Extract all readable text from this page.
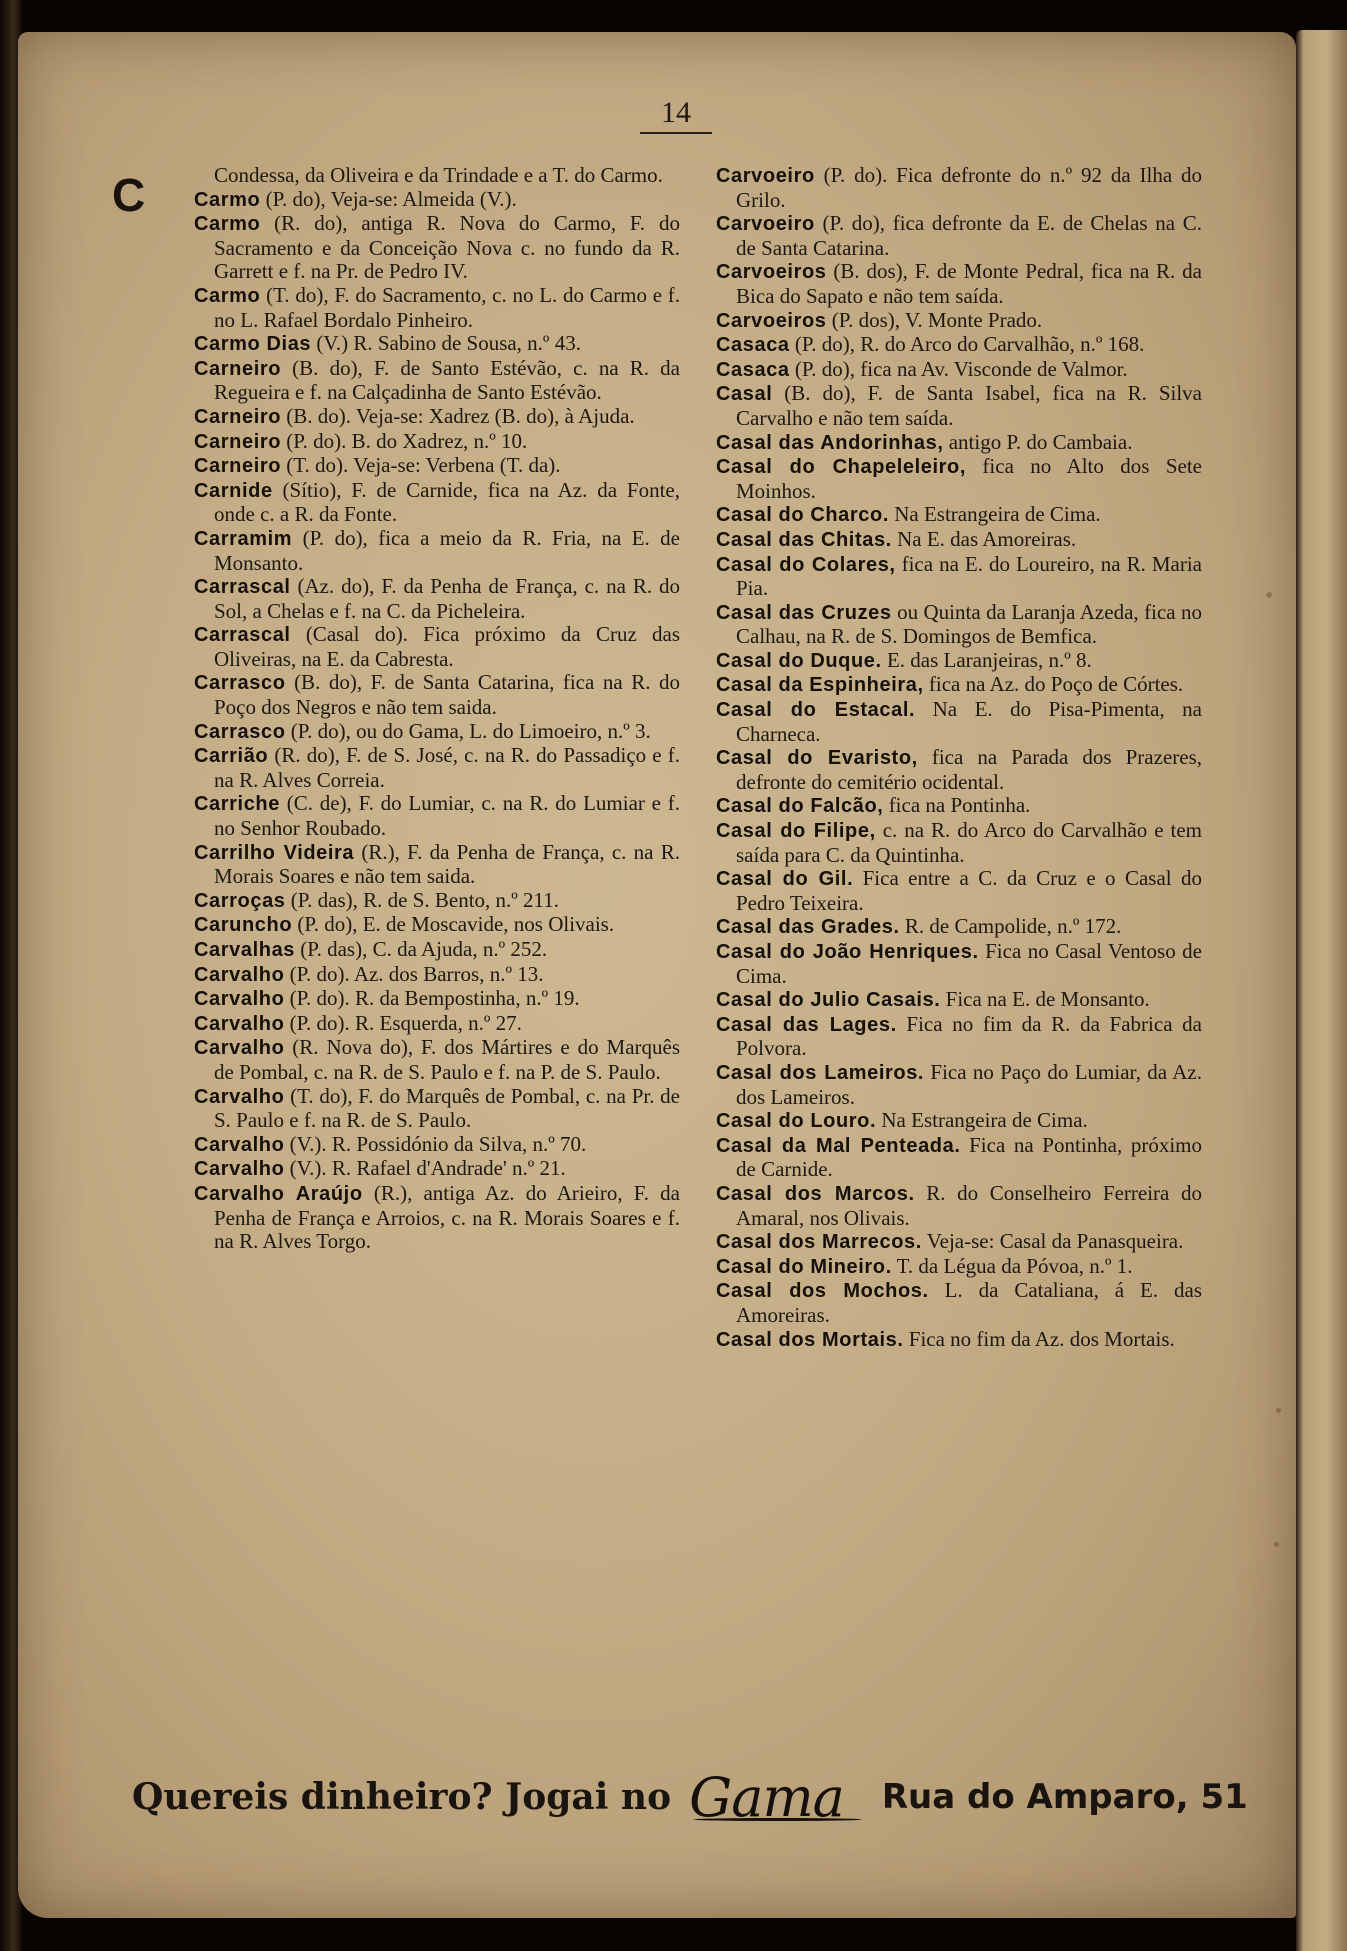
14
C	Condessa, da Oliveira e da Trindade e a T. do Carmo.
Carmo (P. do), Veja-se: Almeida (V.).
Carmo (R. do), antiga R. Nova do Carmo, F. do Sacramento e da Conceição Nova c. no fundo da R. Garrett e f. na Pr. de Pedro IV.
Carmo (T. do), F. do Sacramento, c. no L. do Carmo e f. no L. Rafael Bordalo Pinheiro.
Carmo Dias (V.) R. Sabino de Sousa, n.º 43.
Carneiro (B. do), F. de Santo Estévão, c. na R. da Regueira e f. na Calçadinha de Santo Estévão.
Carneiro (B. do). Veja-se: Xadrez (B. do), à Ajuda.
Carneiro (P. do). B. do Xadrez, n.º 10.
Carneiro (T. do). Veja-se: Verbena (T. da).
Carnide (Sítio), F. de Carnide, fica na Az. da Fonte, onde c. a R. da Fonte.
Carramim (P. do), fica a meio da R. Fria, na E. de Monsanto.
Carrascal (Az. do), F. da Penha de França, c. na R. do Sol, a Chelas e f. na C. da Picheleira.
Carrascal (Casal do). Fica próximo da Cruz das Oliveiras, na E. da Cabresta.
Carrasco (B. do), F. de Santa Catarina, fica na R. do Poço dos Negros e não tem saida.
Carrasco (P. do), ou do Gama, L. do Limoeiro, n.º 3.
Carrião (R. do), F. de S. José, c. na R. do Passadiço e f. na R. Alves Correia.
Carriche (C. de), F. do Lumiar, c. na R. do Lumiar e f. no Senhor Roubado.
Carrilho Videira (R.), F. da Penha de França, c. na R. Morais Soares e não tem saida.
Carroças (P. das), R. de S. Bento, n.º 211.
Caruncho (P. do), E. de Moscavide, nos Olivais.
Carvalhas (P. das), C. da Ajuda, n.º 252.
Carvalho (P. do). Az. dos Barros, n.º 13.
Carvalho (P. do). R. da Bempostinha, n.º 19.
Carvalho (P. do). R. Esquerda, n.º 27.
Carvalho (R. Nova do), F. dos Mártires e do Marquês de Pombal, c. na R. de S. Paulo e f. na P. de S. Paulo.
Carvalho (T. do), F. do Marquês de Pombal, c. na Pr. de S. Paulo e f. na R. de S. Paulo.
Carvalho (V.). R. Possidónio da Silva, n.º 70.
Carvalho (V.). R. Rafael d'Andrade' n.º 21.
Carvalho Araújo (R.), antiga Az. do Arieiro, F. da Penha de França e Arroios, c. na R. Morais Soares e f. na R. Alves Torgo.
Carvoeiro (P. do). Fica defronte do n.º 92 da Ilha do Grilo.
Carvoeiro (P. do), fica defronte da E. de Chelas na C. de Santa Catarina.
Carvoeiros (B. dos), F. de Monte Pedral, fica na R. da Bica do Sapato e não tem saída.
Carvoeiros (P. dos), V. Monte Prado.
Casaca (P. do), R. do Arco do Carvalhão, n.º 168.
Casaca (P. do), fica na Av. Visconde de Valmor.
Casal (B. do), F. de Santa Isabel, fica na R. Silva Carvalho e não tem saída.
Casal das Andorinhas, antigo P. do Cambaia.
Casal do Chapeleleiro, fica no Alto dos Sete Moinhos.
Casal do Charco. Na Estrangeira de Cima.
Casal das Chitas. Na E. das Amoreiras.
Casal do Colares, fica na E. do Loureiro, na R. Maria Pia.
Casal das Cruzes ou Quinta da Laranja Azeda, fica no Calhau, na R. de S. Domingos de Bemfica.
Casal do Duque. E. das Laranjeiras, n.º 8.
Casal da Espinheira, fica na Az. do Poço de Córtes.
Casal do Estacal. Na E. do Pisa-Pimenta, na Charneca.
Casal do Evaristo, fica na Parada dos Prazeres, defronte do cemitério ocidental.
Casal do Falcão, fica na Pontinha.
Casal do Filipe, c. na R. do Arco do Carvalhão e tem saída para C. da Quintinha.
Casal do Gil. Fica entre a C. da Cruz e o Casal do Pedro Teixeira.
Casal das Grades. R. de Campolide, n.º 172.
Casal do João Henriques. Fica no Casal Ventoso de Cima.
Casal do Julio Casais. Fica na E. de Monsanto.
Casal das Lages. Fica no fim da R. da Fabrica da Polvora.
Casal dos Lameiros. Fica no Paço do Lumiar, da Az. dos Lameiros.
Casal do Louro. Na Estrangeira de Cima.
Casal da Mal Penteada. Fica na Pontinha, próximo de Carnide.
Casal dos Marcos. R. do Conselheiro Ferreira do Amaral, nos Olivais.
Casal dos Marrecos. Veja-se: Casal da Panasqueira.
Casal do Mineiro. T. da Légua da Póvoa, n.º 1.
Casal dos Mochos. L. da Cataliana, á E. das Amoreiras.
Casal dos Mortais. Fica no fim da Az. dos Mortais.
Quereis dinheiro? Jogai no Gama Rua do Amparo, 51
